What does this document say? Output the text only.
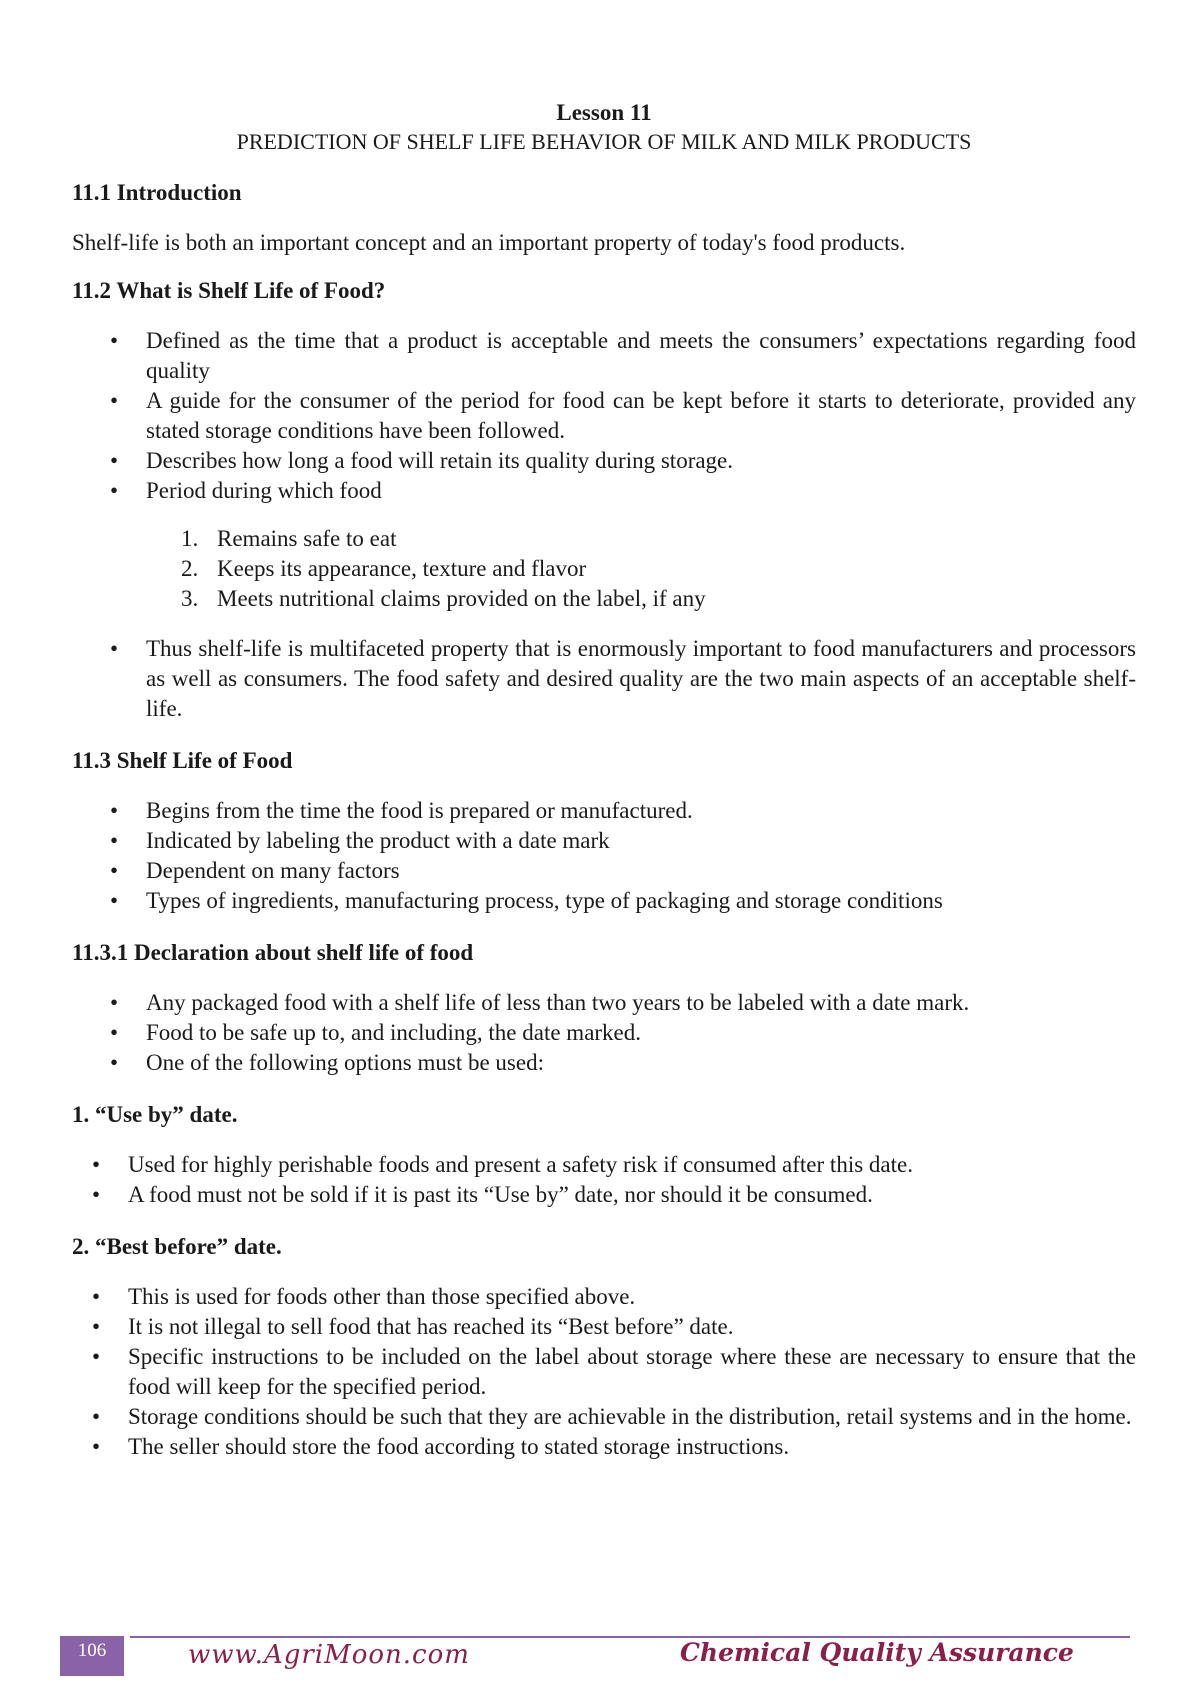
Lesson 11

PREDICTION OF SHELF LIFE BEHAVIOR OF MILK AND MILK PRODUCTS

11.1 Introduction

Shelf-life is both an important concept and an important property of today's food products.

11.2 What is Shelf Life of Food?
• Defined as the time that a product is acceptable and meets the consumers’ expectations regarding food quality
• A guide for the consumer of the period for food can be kept before it starts to deteriorate, provided any stated storage conditions have been followed.
• Describes how long a food will retain its quality during storage.
• Period during which food
1. Remains safe to eat
2. Keeps its appearance, texture and flavor
3. Meets nutritional claims provided on the label, if any
• Thus shelf-life is multifaceted property that is enormously important to food manufacturers and processors as well as consumers. The food safety and desired quality are the two main aspects of an acceptable shelf-life.
11.3 Shelf Life of Food
• Begins from the time the food is prepared or manufactured.
• Indicated by labeling the product with a date mark
• Dependent on many factors
• Types of ingredients, manufacturing process, type of packaging and storage conditions
11.3.1 Declaration about shelf life of food
• Any packaged food with a shelf life of less than two years to be labeled with a date mark.
• Food to be safe up to, and including, the date marked.
• One of the following options must be used:
1. “Use by” date.
• Used for highly perishable foods and present a safety risk if consumed after this date.
• A food must not be sold if it is past its “Use by” date, nor should it be consumed.
2. “Best before” date.
• This is used for foods other than those specified above.
• It is not illegal to sell food that has reached its “Best before” date.
• Specific instructions to be included on the label about storage where these are necessary to ensure that the food will keep for the specified period.
• Storage conditions should be such that they are achievable in the distribution, retail systems and in the home.
• The seller should store the food according to stated storage instructions.
106	www.AgriMoon.com	Chemical Quality Assurance
